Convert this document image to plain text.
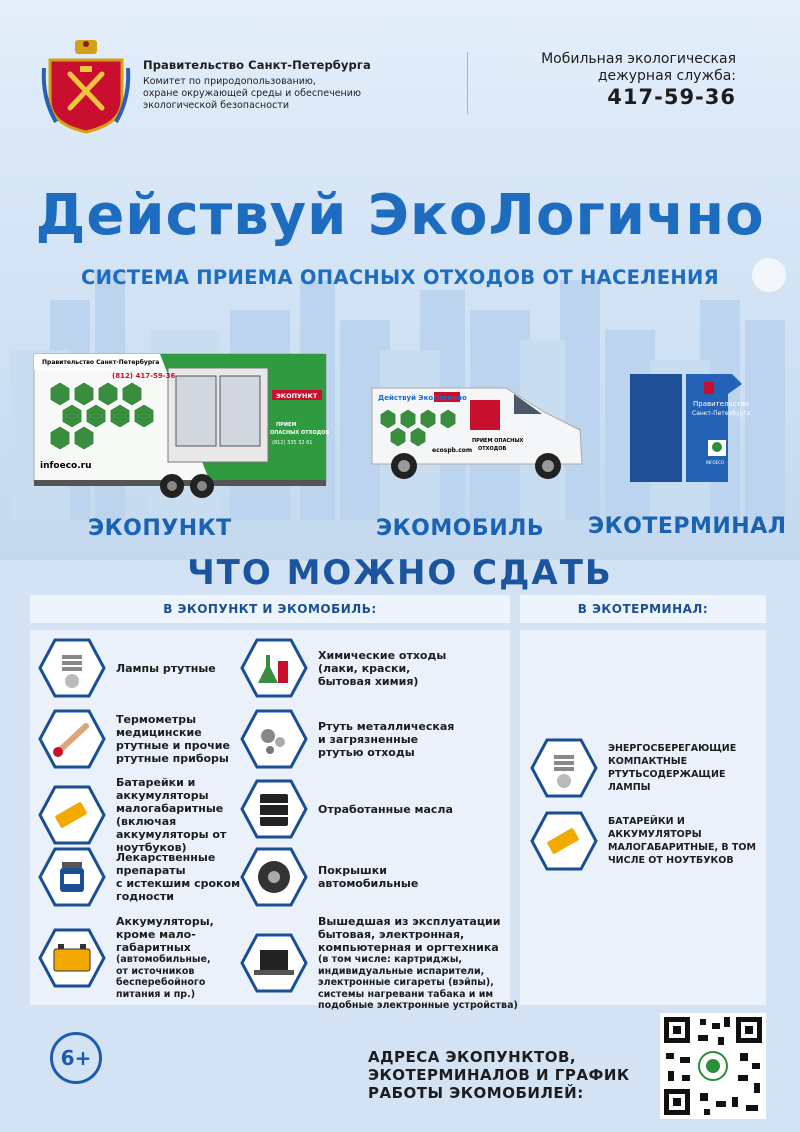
Правительство Санкт-Петербурга
Комитет по природопользованию,
охране окружающей среды и обеспечению
экологической безопасности
Мобильная экологическая
дежурная служба:
417-59-36
Действуй ЭкоЛогично
СИСТЕМА ПРИЕМА ОПАСНЫХ ОТХОДОВ ОТ НАСЕЛЕНИЯ
Правительство Санкт-Петербурга
(812) 417-59-36
ЭКОПУНКТ
ПРИЕМ
ОПАСНЫХ ОТХОДОВ
(812) 335 32 61
infoeco.ru
Действуй ЭкоЛогично
ecospb.com
ПРИЕМ ОПАСНЫХ
ОТХОДОВ
Правительство
Санкт-Петербурга
INFOECO
ЭКОПУНКТ	ЭКОМОБИЛЬ ЭКОТЕРМИНАЛ
ЧТО МОЖНО СДАТЬ
В ЭКОПУНКТ И ЭКОМОБИЛЬ:	В ЭКОТЕРМИНАЛ:
Лампы ртутные
Термометры
медицинские
ртутные и прочие
ртутные приборы
Батарейки и
аккумуляторы
малогабаритные
(включая
аккумуляторы от
ноутбуков)
Лекарственные
препараты
с истекшим сроком
годности
Аккумуляторы,
кроме мало-
габаритных
(автомобильные,
от источников
бесперебойного
питания и пр.)
Химические отходы
(лаки, краски,
бытовая химия)
Ртуть металлическая
и загрязненные
ртутью отходы
Отработанные масла
Покрышки
автомобильные
Вышедшая из эксплуатации
бытовая, электронная,
компьютерная и оргтехника
(в том числе: картриджы,
индивидуальные испарители,
электронные сигареты (вэйпы),
системы нагревани табака и им
подобные электронные устройства)
ЭНЕРГОСБЕРЕГАЮЩИЕ
КОМПАКТНЫЕ
РТУТЬСОДЕРЖАЩИЕ
ЛАМПЫ
БАТАРЕЙКИ И
АККУМУЛЯТОРЫ
МАЛОГАБАРИТНЫЕ, В ТОМ
ЧИСЛЕ ОТ НОУТБУКОВ
6+	АДРЕСА ЭКОПУНКТОВ,
ЭКОТЕРМИНАЛОВ И ГРАФИК
РАБОТЫ ЭКОМОБИЛЕЙ:
